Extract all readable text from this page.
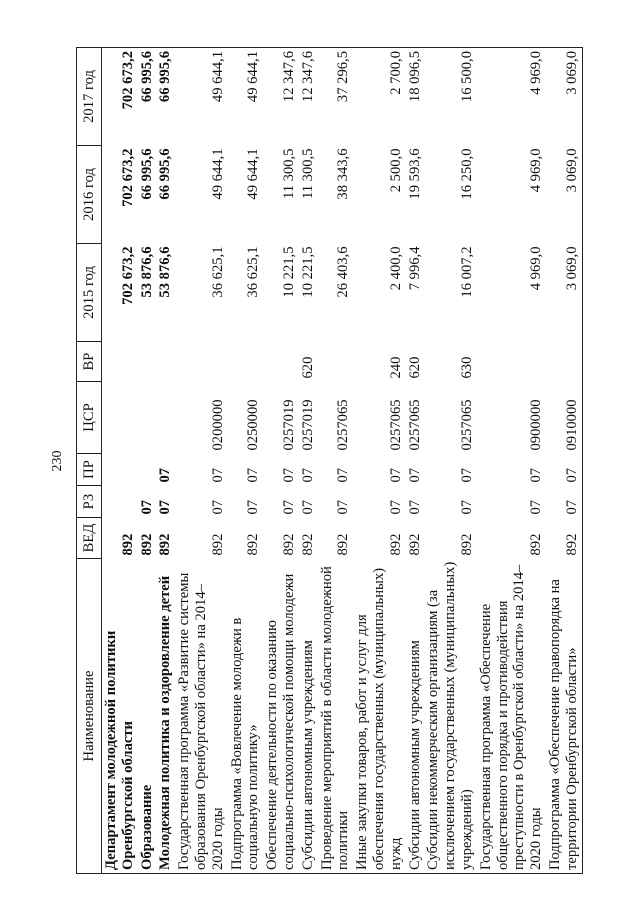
230
Наименование	ВЕД	РЗ	ПР	ЦСР	ВР	2015 год	2016 год	2017 год
Департамент молодежной политики Оренбургской области	892					702 673,2	702 673,2	702 673,2
Образование	892	07				53 876,6	66 995,6	66 995,6
Молодежная политика и оздоровление детей	892	07	07			53 876,6	66 995,6	66 995,6
Государственная программа «Развитие системы образования Оренбургской области» на 2014–2020 годы	892	07	07	0200000		36 625,1	49 644,1	49 644,1
Подпрограмма «Вовлечение молодежи в социальную политику»	892	07	07	0250000		36 625,1	49 644,1	49 644,1
Обеспечение деятельности по оказанию социально-психологической помощи молодежи	892	07	07	0257019		10 221,5	11 300,5	12 347,6
Субсидии автономным учреждениям	892	07	07	0257019	620	10 221,5	11 300,5	12 347,6
Проведение мероприятий в области молодежной политики	892	07	07	0257065		26 403,6	38 343,6	37 296,5
Иные закупки товаров, работ и услуг для обеспечения государственных (муниципальных) нужд	892	07	07	0257065	240	2 400,0	2 500,0	2 700,0
Субсидии автономным учреждениям	892	07	07	0257065	620	7 996,4	19 593,6	18 096,5
Субсидии некоммерческим организациям (за исключением государственных (муниципальных) учреждений)	892	07	07	0257065	630	16 007,2	16 250,0	16 500,0
Государственная программа «Обеспечение общественного порядка и противодействия преступности в Оренбургской области» на 2014–2020 годы	892	07	07	0900000		4 969,0	4 969,0	4 969,0
Подпрограмма «Обеспечение правопорядка на территории Оренбургской области»	892	07	07	0910000		3 069,0	3 069,0	3 069,0
